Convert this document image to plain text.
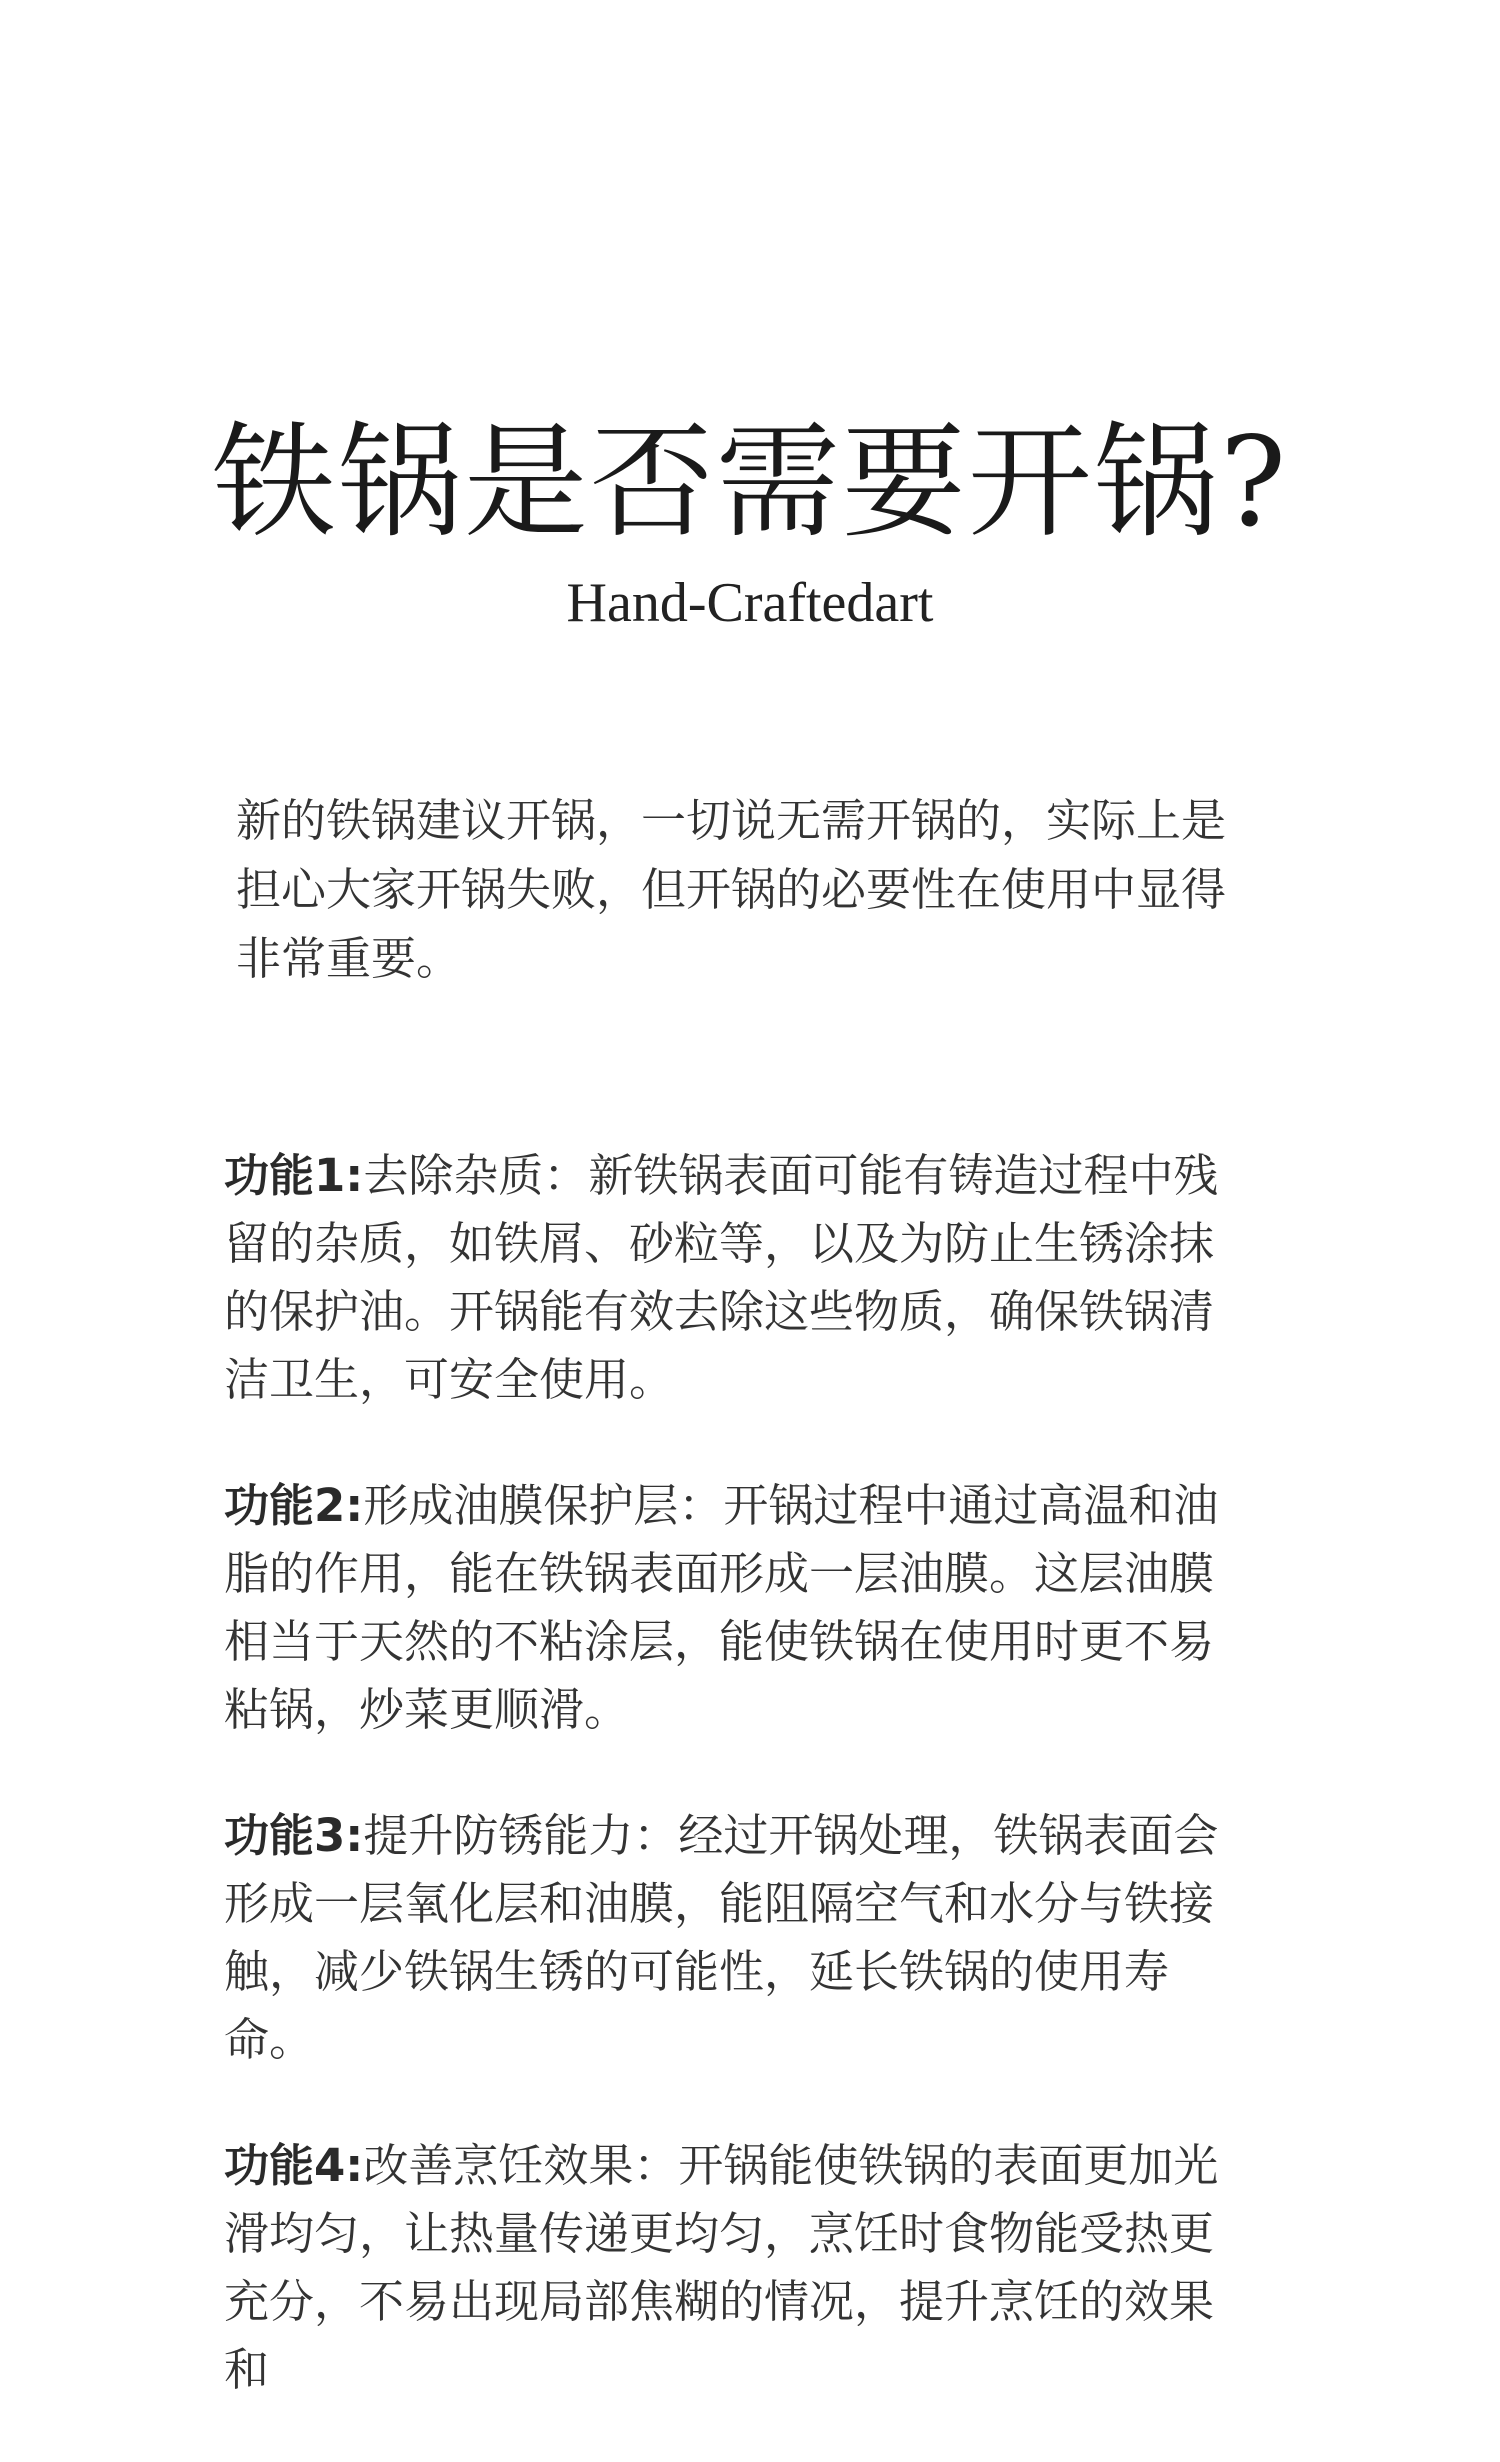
铁锅是否需要开锅?
Hand-Craftedart

新的铁锅建议开锅，一切说无需开锅的，实际上是担心大家开锅失败，但开锅的必要性在使用中显得非常重要。

功能1:去除杂质：新铁锅表面可能有铸造过程中残留的杂质，如铁屑、砂粒等，以及为防止生锈涂抹的保护油。开锅能有效去除这些物质，确保铁锅清洁卫生，可安全使用。

功能2:形成油膜保护层：开锅过程中通过高温和油脂的作用，能在铁锅表面形成一层油膜。这层油膜相当于天然的不粘涂层，能使铁锅在使用时更不易粘锅，炒菜更顺滑。

功能3:提升防锈能力：经过开锅处理，铁锅表面会形成一层氧化层和油膜，能阻隔空气和水分与铁接触，减少铁锅生锈的可能性，延长铁锅的使用寿命。

功能4:改善烹饪效果：开锅能使铁锅的表面更加光滑均匀，让热量传递更均匀，烹饪时食物能受热更充分，不易出现局部焦糊的情况，提升烹饪的效果和
